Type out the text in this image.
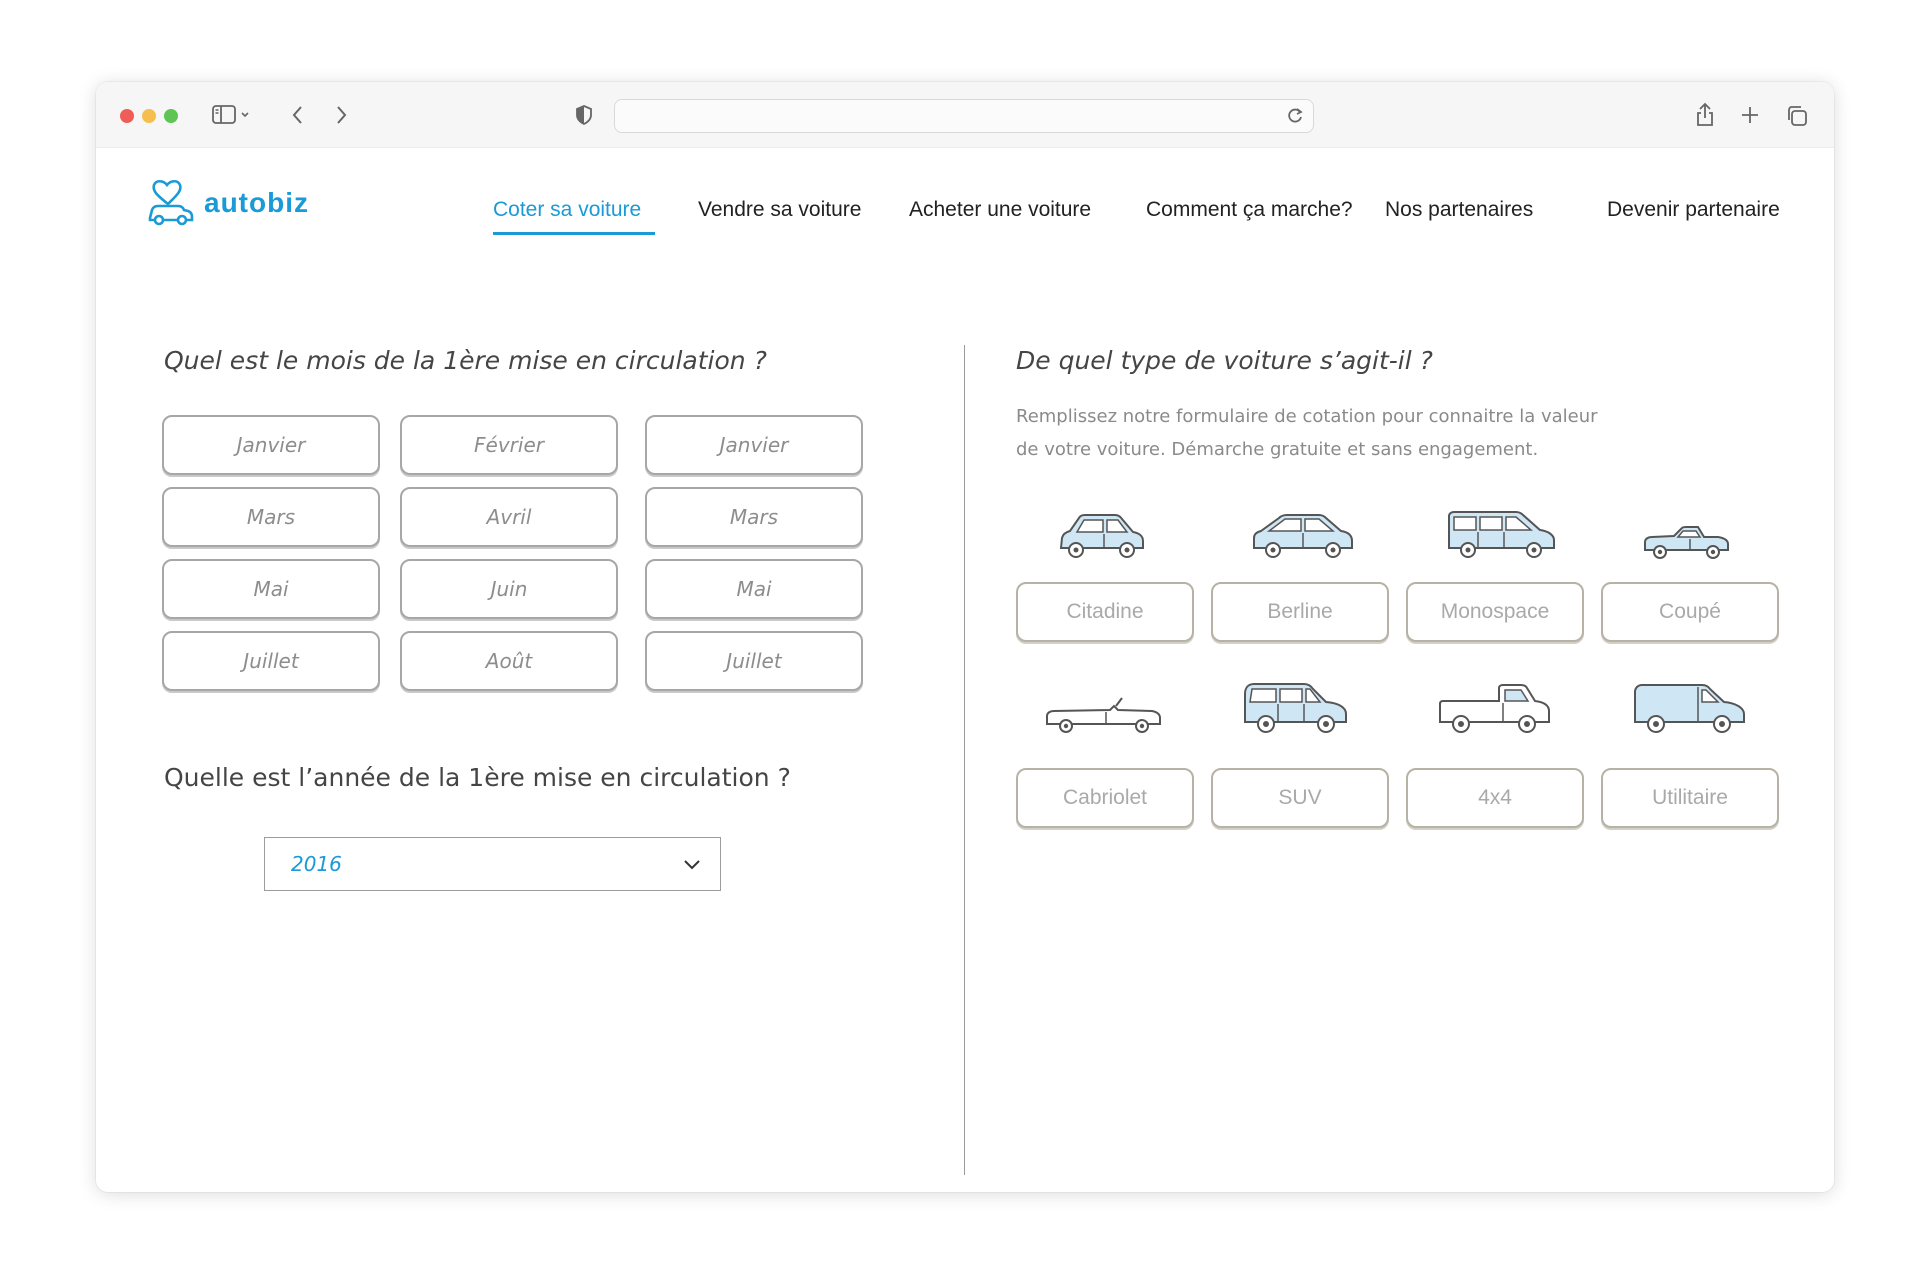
autobiz	Coter sa voiture	Vendre sa voiture Acheter une voiture	Comment ça marche? Nos partenaires	Devenir partenaire
Quel est le mois de la 1ère mise en circulation ?
Janvier	Février	Janvier
Mars	Avril	Mars
Mai	Juin	Mai
Juillet	Août	Juillet
Quelle est l’année de la 1ère mise en circulation ?
2016
De quel type de voiture s’agit-il ?
Remplissez notre formulaire de cotation pour connaitre la valeur
de votre voiture. Démarche gratuite et sans engagement.
Citadine	Berline	Monospace	Coupé
Cabriolet	SUV	4x4	Utilitaire
